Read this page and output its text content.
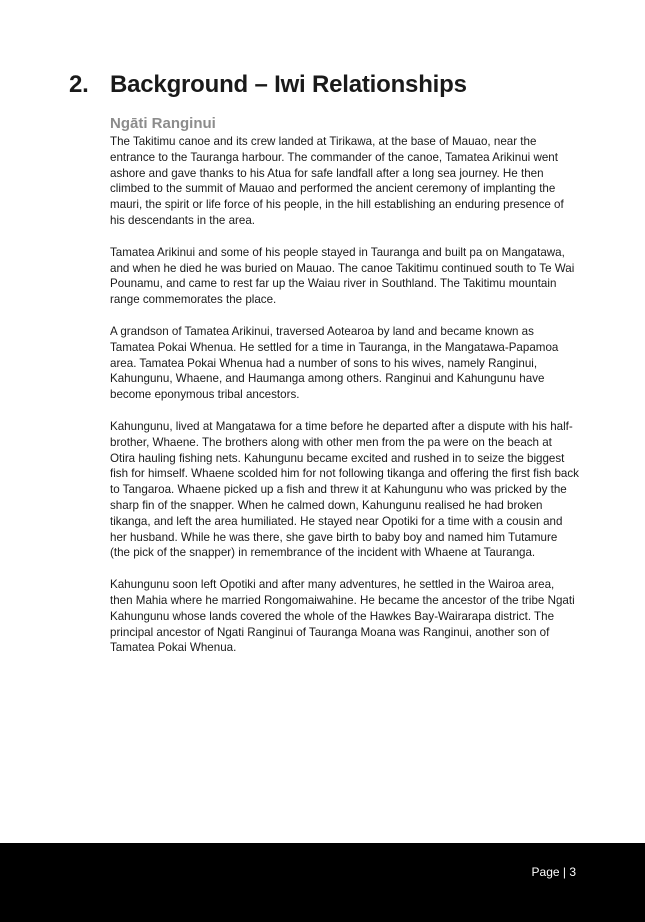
2. Background – Iwi Relationships
Ngāti Ranginui

The Takitimu canoe and its crew landed at Tirikawa, at the base of Mauao, near the entrance to the Tauranga harbour. The commander of the canoe, Tamatea Arikinui went ashore and gave thanks to his Atua for safe landfall after a long sea journey. He then climbed to the summit of Mauao and performed the ancient ceremony of implanting the mauri, the spirit or life force of his people, in the hill establishing an enduring presence of his descendants in the area.

Tamatea Arikinui and some of his people stayed in Tauranga and built pa on Mangatawa, and when he died he was buried on Mauao. The canoe Takitimu continued south to Te Wai Pounamu, and came to rest far up the Waiau river in Southland. The Takitimu mountain range commemorates the place.

A grandson of Tamatea Arikinui, traversed Aotearoa by land and became known as Tamatea Pokai Whenua. He settled for a time in Tauranga, in the Mangatawa-Papamoa area. Tamatea Pokai Whenua had a number of sons to his wives, namely Ranginui, Kahungunu, Whaene, and Haumanga among others. Ranginui and Kahungunu have become eponymous tribal ancestors.

Kahungunu, lived at Mangatawa for a time before he departed after a dispute with his half-brother, Whaene. The brothers along with other men from the pa were on the beach at Otira hauling fishing nets. Kahungunu became excited and rushed in to seize the biggest fish for himself. Whaene scolded him for not following tikanga and offering the first fish back to Tangaroa. Whaene picked up a fish and threw it at Kahungunu who was pricked by the sharp fin of the snapper. When he calmed down, Kahungunu realised he had broken tikanga, and left the area humiliated. He stayed near Opotiki for a time with a cousin and her husband. While he was there, she gave birth to baby boy and named him Tutamure (the pick of the snapper) in remembrance of the incident with Whaene at Tauranga.

Kahungunu soon left Opotiki and after many adventures, he settled in the Wairoa area, then Mahia where he married Rongomaiwahine. He became the ancestor of the tribe Ngati Kahungunu whose lands covered the whole of the Hawkes Bay-Wairarapa district. The principal ancestor of Ngati Ranginui of Tauranga Moana was Ranginui, another son of Tamatea Pokai Whenua.

Page | 3
